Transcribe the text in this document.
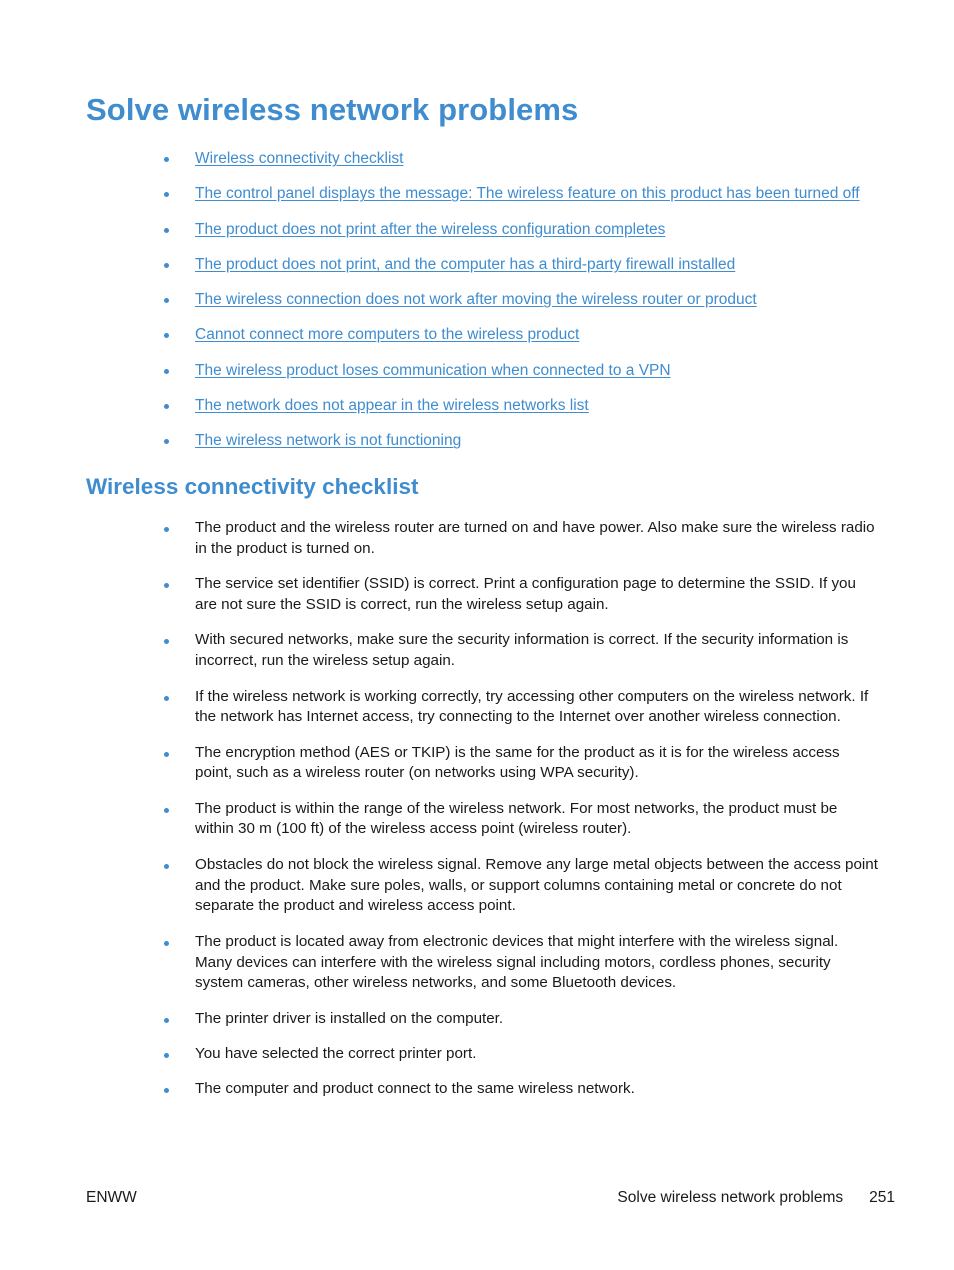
Solve wireless network problems
Wireless connectivity checklist
The control panel displays the message: The wireless feature on this product has been turned off
The product does not print after the wireless configuration completes
The product does not print, and the computer has a third-party firewall installed
The wireless connection does not work after moving the wireless router or product
Cannot connect more computers to the wireless product
The wireless product loses communication when connected to a VPN
The network does not appear in the wireless networks list
The wireless network is not functioning
Wireless connectivity checklist
The product and the wireless router are turned on and have power. Also make sure the wireless radio in the product is turned on.
The service set identifier (SSID) is correct. Print a configuration page to determine the SSID. If you are not sure the SSID is correct, run the wireless setup again.
With secured networks, make sure the security information is correct. If the security information is incorrect, run the wireless setup again.
If the wireless network is working correctly, try accessing other computers on the wireless network. If the network has Internet access, try connecting to the Internet over another wireless connection.
The encryption method (AES or TKIP) is the same for the product as it is for the wireless access point, such as a wireless router (on networks using WPA security).
The product is within the range of the wireless network. For most networks, the product must be within 30 m (100 ft) of the wireless access point (wireless router).
Obstacles do not block the wireless signal. Remove any large metal objects between the access point and the product. Make sure poles, walls, or support columns containing metal or concrete do not separate the product and wireless access point.
The product is located away from electronic devices that might interfere with the wireless signal. Many devices can interfere with the wireless signal including motors, cordless phones, security system cameras, other wireless networks, and some Bluetooth devices.
The printer driver is installed on the computer.
You have selected the correct printer port.
The computer and product connect to the same wireless network.
ENWW	Solve wireless network problems 251
